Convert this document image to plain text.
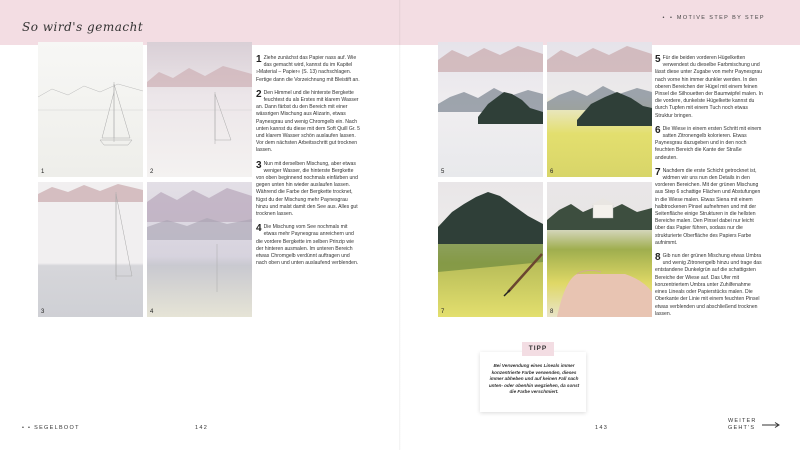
So wird's gemacht
• • MOTIVE STEP BY STEP
1	2
3	4
1 Ziehe zunächst das Papier nass auf. Wie das gemacht wird, kannst du im Kapitel »Material – Papier« (S. 13) nachschlagen. Fertige dann die Vorzeichnung mit Bleistift an.
2 Den Himmel und die hinterste Bergkette feuchtest du als Erstes mit klarem Wasser an. Dann färbst du den Bereich mit einer wässrigen Mischung aus Alizarin, etwas Paynesgrau und wenig Chromgelb ein. Nach unten kannst du diese mit dem Soft Quill Gr. 5 und klarem Wasser schön auslaufen lassen. Vor dem nächsten Arbeitsschritt gut trocknen lassen.
3 Nun mit derselben Mischung, aber etwas weniger Wasser, die hinterste Bergkette von oben beginnend nochmals einfärben und gegen unten hin wieder auslaufen lassen. Während die Farbe der Bergkette trocknet, fügst du der Mischung mehr Paynesgrau hinzu und malst damit den See aus. Alles gut trocknen lassen.
4 Die Mischung vom See nochmals mit etwas mehr Paynesgrau anreichern und die vordere Bergkette im selben Prinzip wie der hinteren ausmalen. Im unteren Bereich etwas Chromgelb verdünnt auftragen und nach oben und unten auslaufend verblenden.
5	6
7	8
5 Für die beiden vorderen Hügelketten verwendest du dieselbe Farbmischung und lässt diese unter Zugabe von mehr Paynesgrau nach vorne hin immer dunkler werden. In den oberen Bereichen der Hügel mit einem feinen Pinsel die Silhouetten der Baumwipfel malen. In die vordere, dunkelste Hügelkette kannst du durch Tupfen mit einem Tuch noch etwas Struktur bringen.
6 Die Wiese in einem ersten Schritt mit einem satten Zitronengelb kolorieren. Etwas Paynesgrau dazugeben und in den noch feuchten Bereich die Kante der Straße andeuten.
7 Nachdem die erste Schicht getrocknet ist, widmen wir uns nun den Details in den vorderen Bereichen. Mit der grünen Mischung aus Step 6 schattige Flächen und Abstufungen in die Wiese malen. Etwas Siena mit einem halbtrockenen Pinsel aufnehmen und mit der Seitenfläche einige Strukturen in die hellsten Bereiche malen. Den Pinsel dabei nur leicht über das Papier führen, sodass nur die strukturierte Oberfläche des Papiers Farbe aufnimmt.
8 Gib nun der grünen Mischung etwas Umbra und wenig Zitronengelb hinzu und trage das entstandene Dunkelgrün auf die schattigsten Bereiche der Wiese auf. Das Ufer mit konzentriertem Umbra unter Zuhilfenahme eines Lineals oder Papierstücks malen. Die Oberkante der Linie mit einem feuchten Pinsel etwas verblenden und abschließend trocknen lassen.
TIPP
Bei Verwendung eines Lineals immer konzentrierte Farbe verwenden, dieses immer abheben und auf keinen Fall nach unten- oder obenhin wegziehen, da sonst die Farbe verschmiert.
• • SEGELBOOT	142	143
WEITER
GEHT'S
